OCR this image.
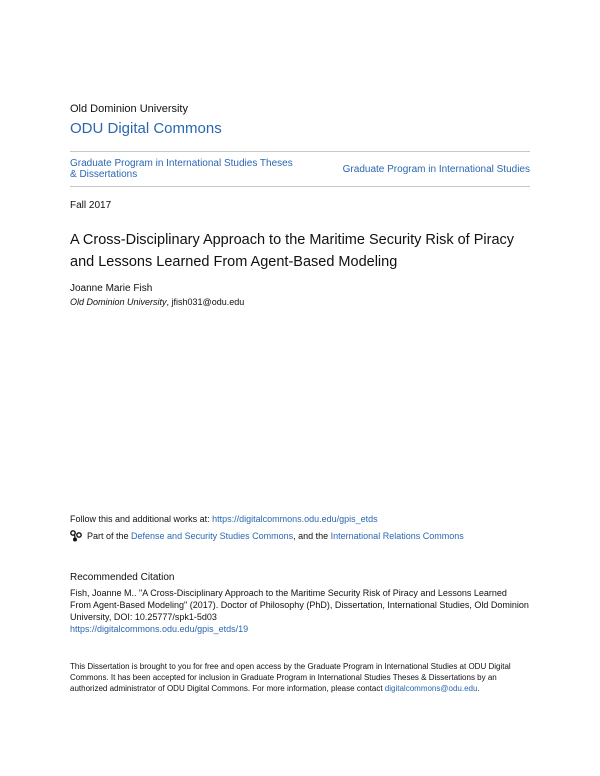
Old Dominion University
ODU Digital Commons
Graduate Program in International Studies Theses & Dissertations	Graduate Program in International Studies
Fall 2017
A Cross-Disciplinary Approach to the Maritime Security Risk of Piracy and Lessons Learned From Agent-Based Modeling
Joanne Marie Fish
Old Dominion University, jfish031@odu.edu
Follow this and additional works at: https://digitalcommons.odu.edu/gpis_etds
Part of the Defense and Security Studies Commons, and the International Relations Commons
Recommended Citation
Fish, Joanne M.. "A Cross-Disciplinary Approach to the Maritime Security Risk of Piracy and Lessons Learned From Agent-Based Modeling" (2017). Doctor of Philosophy (PhD), Dissertation, International Studies, Old Dominion University, DOI: 10.25777/spk1-5d03
https://digitalcommons.odu.edu/gpis_etds/19
This Dissertation is brought to you for free and open access by the Graduate Program in International Studies at ODU Digital Commons. It has been accepted for inclusion in Graduate Program in International Studies Theses & Dissertations by an authorized administrator of ODU Digital Commons. For more information, please contact digitalcommons@odu.edu.
